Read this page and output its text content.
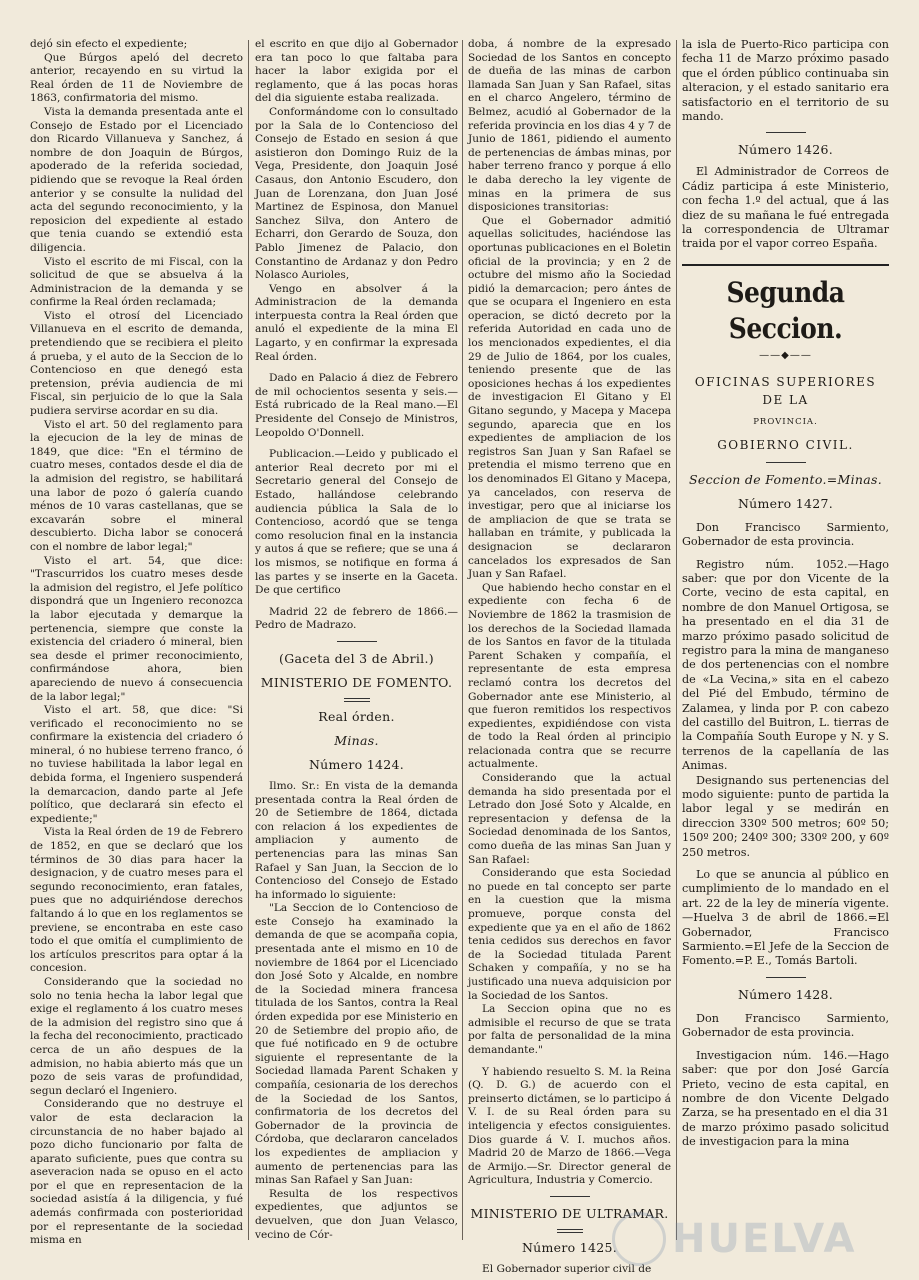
dejó sin efecto el expediente;

Que Búrgos apeló del decreto anterior, recayendo en su virtud la Real órden de 11 de Noviembre de 1863, confirmatoria del mismo.

Vista la demanda presentada ante el Consejo de Estado por el Licenciado don Ricardo Villanueva y Sanchez, á nombre de don Joaquin de Búrgos, apoderado de la referida sociedad, pidiendo que se revoque la Real órden anterior y se consulte la nulidad del acta del segundo reconocimiento, y la reposicion del expediente al estado que tenia cuando se extendió esta diligencia.

Visto el escrito de mi Fiscal, con la solicitud de que se absuelva á la Administracion de la demanda y se confirme la Real órden reclamada;

Visto el otrosí del Licenciado Villanueva en el escrito de demanda, pretendiendo que se recibiera el pleito á prueba, y el auto de la Seccion de lo Contencioso en que denegó esta pretension, prévia audiencia de mi Fiscal, sin perjuicio de lo que la Sala pudiera servirse acordar en su dia.

Visto el art. 50 del reglamento para la ejecucion de la ley de minas de 1849, que dice: "En el término de cuatro meses, contados desde el dia de la admision del registro, se habilitará una labor de pozo ó galería cuando ménos de 10 varas castellanas, que se excavarán sobre el mineral descubierto. Dicha labor se conocerá con el nombre de labor legal;"

Visto el art. 54, que dice: "Trascurridos los cuatro meses desde la admision del registro, el Jefe político dispondrá que un Ingeniero reconozca la labor ejecutada y demarque la pertenencia, siempre que conste la existencia del criadero ó mineral, bien sea desde el primer reconocimiento, confirmándose ahora, bien apareciendo de nuevo á consecuencia de la labor legal;"

Visto el art. 58, que dice: "Si verificado el reconocimiento no se confirmare la existencia del criadero ó mineral, ó no hubiese terreno franco, ó no tuviese habilitada la labor legal en debida forma, el Ingeniero suspenderá la demarcacion, dando parte al Jefe político, que declarará sin efecto el expediente;"

Vista la Real órden de 19 de Febrero de 1852, en que se declaró que los términos de 30 dias para hacer la designacion, y de cuatro meses para el segundo reconocimiento, eran fatales, pues que no adquiriéndose derechos faltando á lo que en los reglamentos se previene, se encontraba en este caso todo el que omitía el cumplimiento de los artículos prescritos para optar á la concesion.

Considerando que la sociedad no solo no tenia hecha la labor legal que exige el reglamento á los cuatro meses de la admision del registro sino que á la fecha del reconocimiento, practicado cerca de un año despues de la admision, no habia abierto más que un pozo de seis varas de profundidad, segun declaró el Ingeniero.

Considerando que no destruye el valor de esta declaracion la circunstancia de no haber bajado al pozo dicho funcionario por falta de aparato suficiente, pues que contra su aseveracion nada se opuso en el acto por el que en representacion de la sociedad asistía á la diligencia, y fué además confirmada con posterioridad por el representante de la sociedad misma en

el escrito en que dijo al Gobernador era tan poco lo que faltaba para hacer la labor exigida por el reglamento, que á las pocas horas del dia siguiente estaba realizada.

Conformándome con lo consultado por la Sala de lo Contencioso del Consejo de Estado en sesion á que asistieron don Domingo Ruiz de la Vega, Presidente, don Joaquin José Casaus, don Antonio Escudero, don Juan de Lorenzana, don Juan José Martinez de Espinosa, don Manuel Sanchez Silva, don Antero de Echarri, don Gerardo de Souza, don Pablo Jimenez de Palacio, don Constantino de Ardanaz y don Pedro Nolasco Aurioles,

Vengo en absolver á la Administracion de la demanda interpuesta contra la Real órden que anuló el expediente de la mina El Lagarto, y en confirmar la expresada Real órden.

Dado en Palacio á diez de Febrero de mil ochocientos sesenta y seis.—Está rubricado de la Real mano.—El Presidente del Consejo de Ministros, Leopoldo O'Donnell.

Publicacion.—Leido y publicado el anterior Real decreto por mi el Secretario general del Consejo de Estado, hallándose celebrando audiencia pública la Sala de lo Contencioso, acordó que se tenga como resolucion final en la instancia y autos á que se refiere; que se una á los mismos, se notifique en forma á las partes y se inserte en la Gaceta. De que certifico

Madrid 22 de febrero de 1866.—Pedro de Madrazo.

(Gaceta del 3 de Abril.)

MINISTERIO DE FOMENTO.

Real órden.

Minas.

Número 1424.

Ilmo. Sr.: En vista de la demanda presentada contra la Real órden de 20 de Setiembre de 1864, dictada con relacion á los expedientes de ampliacion y aumento de pertenencias para las minas San Rafael y San Juan, la Seccion de lo Contencioso del Consejo de Estado ha informado lo siguiente:

"La Seccion de lo Contencioso de este Consejo ha examinado la demanda de que se acompaña copia, presentada ante el mismo en 10 de noviembre de 1864 por el Licenciado don José Soto y Alcalde, en nombre de la Sociedad minera francesa titulada de los Santos, contra la Real órden expedida por ese Ministerio en 20 de Setiembre del propio año, de que fué notificado en 9 de octubre siguiente el representante de la Sociedad llamada Parent Schaken y compañía, cesionaria de los derechos de la Sociedad de los Santos, confirmatoria de los decretos del Gobernador de la provincia de Córdoba, que declararon cancelados los expedientes de ampliacion y aumento de pertenencias para las minas San Rafael y San Juan:

Resulta de los respectivos expedientes, que adjuntos se devuelven, que don Juan Velasco, vecino de Cór-

doba, á nombre de la expresado Sociedad de los Santos en concepto de dueña de las minas de carbon llamada San Juan y San Rafael, sitas en el charco Angelero, término de Belmez, acudió al Gobernador de la referida provincia en los dias 4 y 7 de Junio de 1861, pidiendo el aumento de pertenencias de ámbas minas, por haber terreno franco y porque á ello le daba derecho la ley vigente de minas en la primera de sus disposiciones transitorias:

Que el Gobernador admitió aquellas solicitudes, haciéndose las oportunas publicaciones en el Boletin oficial de la provincia; y en 2 de octubre del mismo año la Sociedad pidió la demarcacion; pero ántes de que se ocupara el Ingeniero en esta operacion, se dictó decreto por la referida Autoridad en cada uno de los mencionados expedientes, el dia 29 de Julio de 1864, por los cuales, teniendo presente que de las oposiciones hechas á los expedientes de investigacion El Gitano y El Gitano segundo, y Macepa y Macepa segundo, aparecia que en los expedientes de ampliacion de los registros San Juan y San Rafael se pretendia el mismo terreno que en los denominados El Gitano y Macepa, ya cancelados, con reserva de investigar, pero que al iniciarse los de ampliacion de que se trata se hallaban en trámite, y publicada la designacion se declararon cancelados los expresados de San Juan y San Rafael.

Que habiendo hecho constar en el expediente con fecha 6 de Noviembre de 1862 la trasmision de los derechos de la Sociedad llamada de los Santos en favor de la titulada Parent Schaken y compañía, el representante de esta empresa reclamó contra los decretos del Gobernador ante ese Ministerio, al que fueron remitidos los respectivos expedientes, expidiéndose con vista de todo la Real órden al principio relacionada contra que se recurre actualmente.

Considerando que la actual demanda ha sido presentada por el Letrado don José Soto y Alcalde, en representacion y defensa de la Sociedad denominada de los Santos, como dueña de las minas San Juan y San Rafael:

Considerando que esta Sociedad no puede en tal concepto ser parte en la cuestion que la misma promueve, porque consta del expediente que ya en el año de 1862 tenia cedidos sus derechos en favor de la Sociedad titulada Parent Schaken y compañía, y no se ha justificado una nueva adquisicion por la Sociedad de los Santos.

La Seccion opina que no es admisible el recurso de que se trata por falta de personalidad de la mina demandante."

Y habiendo resuelto S. M. la Reina (Q. D. G.) de acuerdo con el preinserto dictámen, se lo participo á V. I. de su Real órden para su inteligencia y efectos consiguientes. Dios guarde á V. I. muchos años. Madrid 20 de Marzo de 1866.—Vega de Armijo.—Sr. Director general de Agricultura, Industria y Comercio.

MINISTERIO DE ULTRAMAR.

Número 1425.

El Gobernador superior civil de

la isla de Puerto-Rico participa con fecha 11 de Marzo próximo pasado que el órden público continuaba sin alteracion, y el estado sanitario era satisfactorio en el territorio de su mando.

Número 1426.

El Administrador de Correos de Cádiz participa á este Ministerio, con fecha 1.º del actual, que á las diez de su mañana le fué entregada la correspondencia de Ultramar traida por el vapor correo España.

Segunda Seccion.

——◆——

OFICINAS SUPERIORES DE LA

PROVINCIA.

GOBIERNO CIVIL.

Seccion de Fomento.=Minas.

Número 1427.

Don Francisco Sarmiento, Gobernador de esta provincia.

Registro núm. 1052.—Hago saber: que por don Vicente de la Corte, vecino de esta capital, en nombre de don Manuel Ortigosa, se ha presentado en el dia 31 de marzo próximo pasado solicitud de registro para la mina de manganeso de dos pertenencias con el nombre de «La Vecina,» sita en el cabezo del Pié del Embudo, término de Zalamea, y linda por P. con cabezo del castillo del Buitron, L. tierras de la Compañía South Europe y N. y S. terrenos de la capellanía de las Animas.

Designando sus pertenencias del modo siguiente: punto de partida la labor legal y se medirán en direccion 330º 500 metros; 60º 50; 150º 200; 240º 300; 330º 200, y 60º 250 metros.

Lo que se anuncia al público en cumplimiento de lo mandado en el art. 22 de la ley de minería vigente. —Huelva 3 de abril de 1866.=El Gobernador, Francisco Sarmiento.=El Jefe de la Seccion de Fomento.=P. E., Tomás Bartoli.

Número 1428.

Don Francisco Sarmiento, Gobernador de esta provincia.

Investigacion núm. 146.—Hago saber: que por don José García Prieto, vecino de esta capital, en nombre de don Vicente Delgado Zarza, se ha presentado en el dia 31 de marzo próximo pasado solicitud de investigacion para la mina

HUELVA
